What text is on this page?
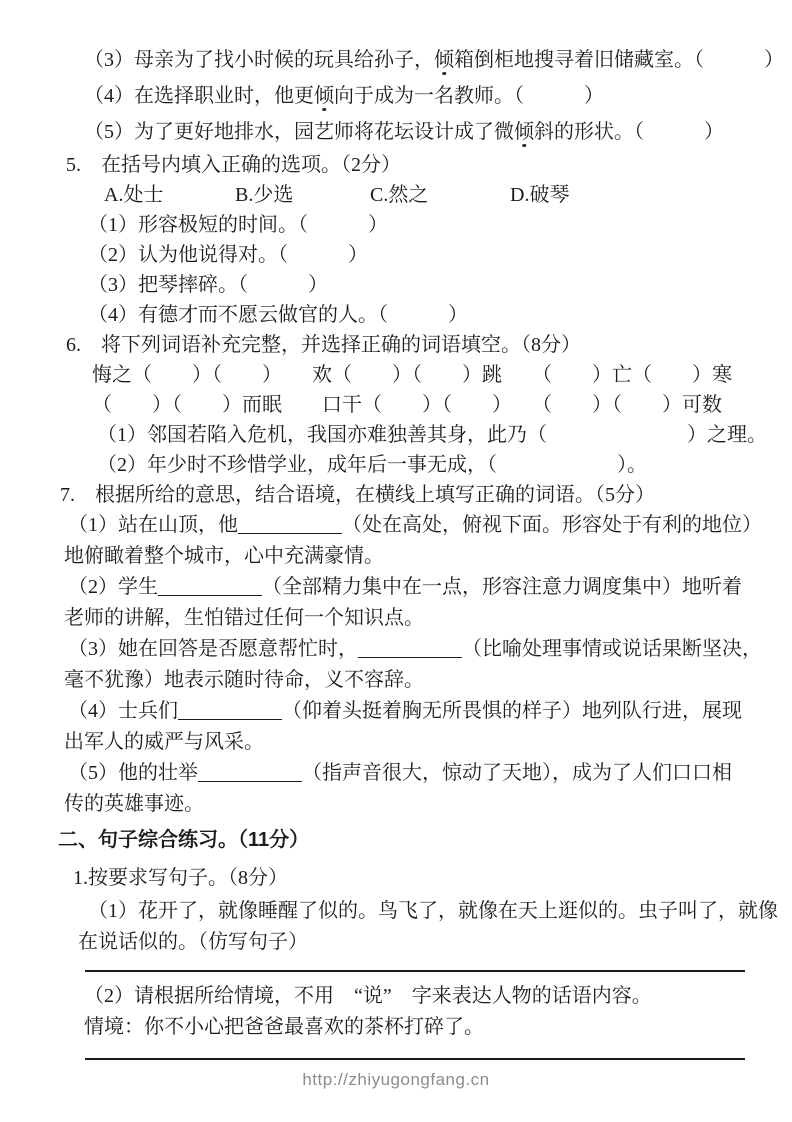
（3）母亲为了找小时候的玩具给孙子，倾箱倒柜地搜寻着旧储藏室。（　　　）
（4）在选择职业时，他更倾向于成为一名教师。（　　　）
（5）为了更好地排水，园艺师将花坛设计成了微倾斜的形状。（　　　）
5.　在括号内填入正确的选项。（2分）
A.处士	B.少选	C.然之	D.破琴
（1）形容极短的时间。（　　　）
（2）认为他说得对。（　　　）
（3）把琴摔碎。（　　　）
（4）有德才而不愿云做官的人。（　　　）
6.　将下列词语补充完整，并选择正确的词语填空。（8分）
悔之（　　）（　　）　　欢（　　）（　　）跳　　（　　）亡（　　）寒
（　　）（　　）而眠　　口干（　　）（　　）　　（　　）（　　）可数
（1）邻国若陷入危机，我国亦难独善其身，此乃（　　　　　　　）之理。
（2）年少时不珍惜学业，成年后一事无成，（　　　　　　）。
7.　根据所给的意思，结合语境，在横线上填写正确的词语。（5分）
（1）站在山顶，他	（处在高处，俯视下面。形容处于有利的地位）
地俯瞰着整个城市，心中充满豪情。
（2）学生	（全部精力集中在一点，形容注意力调度集中）地听着
老师的讲解，生怕错过任何一个知识点。
（3）她在回答是否愿意帮忙时，	（比喻处理事情或说话果断坚决，
毫不犹豫）地表示随时待命，义不容辞。
（4）士兵们	（仰着头挺着胸无所畏惧的样子）地列队行进，展现
出军人的威严与风采。
（5）他的壮举	（指声音很大，惊动了天地），成为了人们口口相
传的英雄事迹。
二、句子综合练习。（11分）
1.按要求写句子。（8分）
（1）花开了，就像睡醒了似的。鸟飞了，就像在天上逛似的。虫子叫了，就像
在说话似的。（仿写句子）
（2）请根据所给情境，不用　“说”　字来表达人物的话语内容。
情境：你不小心把爸爸最喜欢的茶杯打碎了。
http://zhiyugongfang.cn
